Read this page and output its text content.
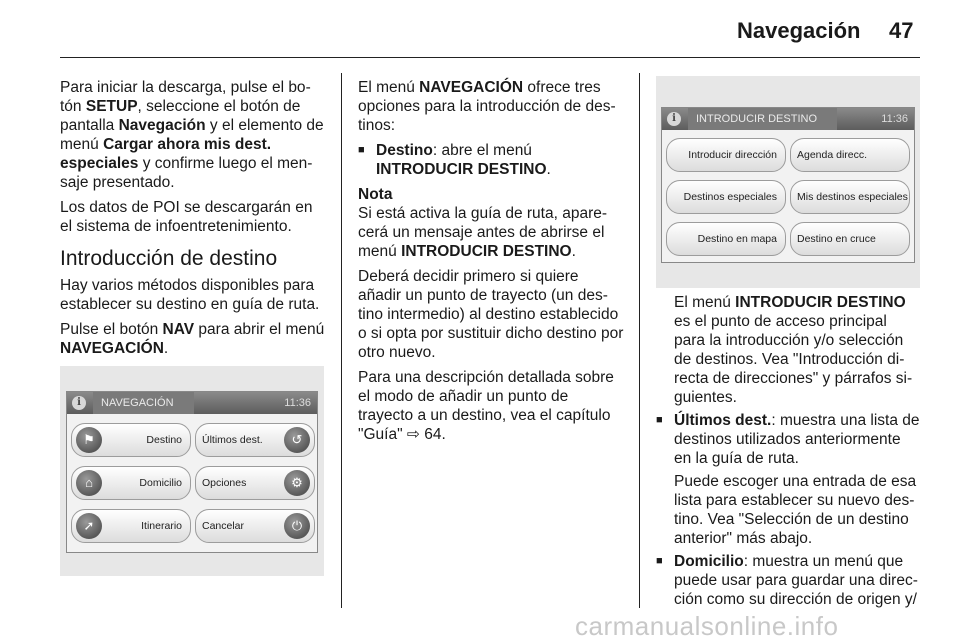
Navegación 47

Para iniciar la descarga, pulse el botón SETUP, seleccione el botón de pantalla Navegación y el elemento de menú Cargar ahora mis dest. especiales y confirme luego el mensaje presentado.

Los datos de POI se descargarán en el sistema de infoentretenimiento.

Introducción de destino

Hay varios métodos disponibles para establecer su destino en guía de ruta.

Pulse el botón NAV para abrir el menú NAVEGACIÓN.

i	NAVEGACIÓN	11:36
⚑	Destino Últimos dest.	↺
⌂	Domicilio Opciones	⚙
➚	Itinerario Cancelar	⏻

El menú NAVEGACIÓN ofrece tres opciones para la introducción de destinos:

■ Destino: abre el menú INTRODUCIR DESTINO.
Nota
Si está activa la guía de ruta, aparecerá un mensaje antes de abrirse el menú INTRODUCIR DESTINO.

Deberá decidir primero si quiere añadir un punto de trayecto (un destino intermedio) al destino establecido o si opta por sustituir dicho destino por otro nuevo.

Para una descripción detallada sobre el modo de añadir un punto de trayecto a un destino, vea el capítulo "Guía" ⇨ 64.

i	INTRODUCIR DESTINO	11:36
Introducir dirección Agenda direcc.
Destinos especiales Mis destinos especiales
Destino en mapa Destino en cruce

El menú INTRODUCIR DESTINO es el punto de acceso principal para la introducción y/o selección de destinos. Vea "Introducción directa de direcciones" y párrafos siguientes.

■ Últimos dest.: muestra una lista de destinos utilizados anteriormente en la guía de ruta.

Puede escoger una entrada de esa lista para establecer su nuevo destino. Vea "Selección de un destino anterior" más abajo.

■ Domicilio: muestra un menú que puede usar para guardar una dirección como su dirección de origen y/
carmanualsonline.info
